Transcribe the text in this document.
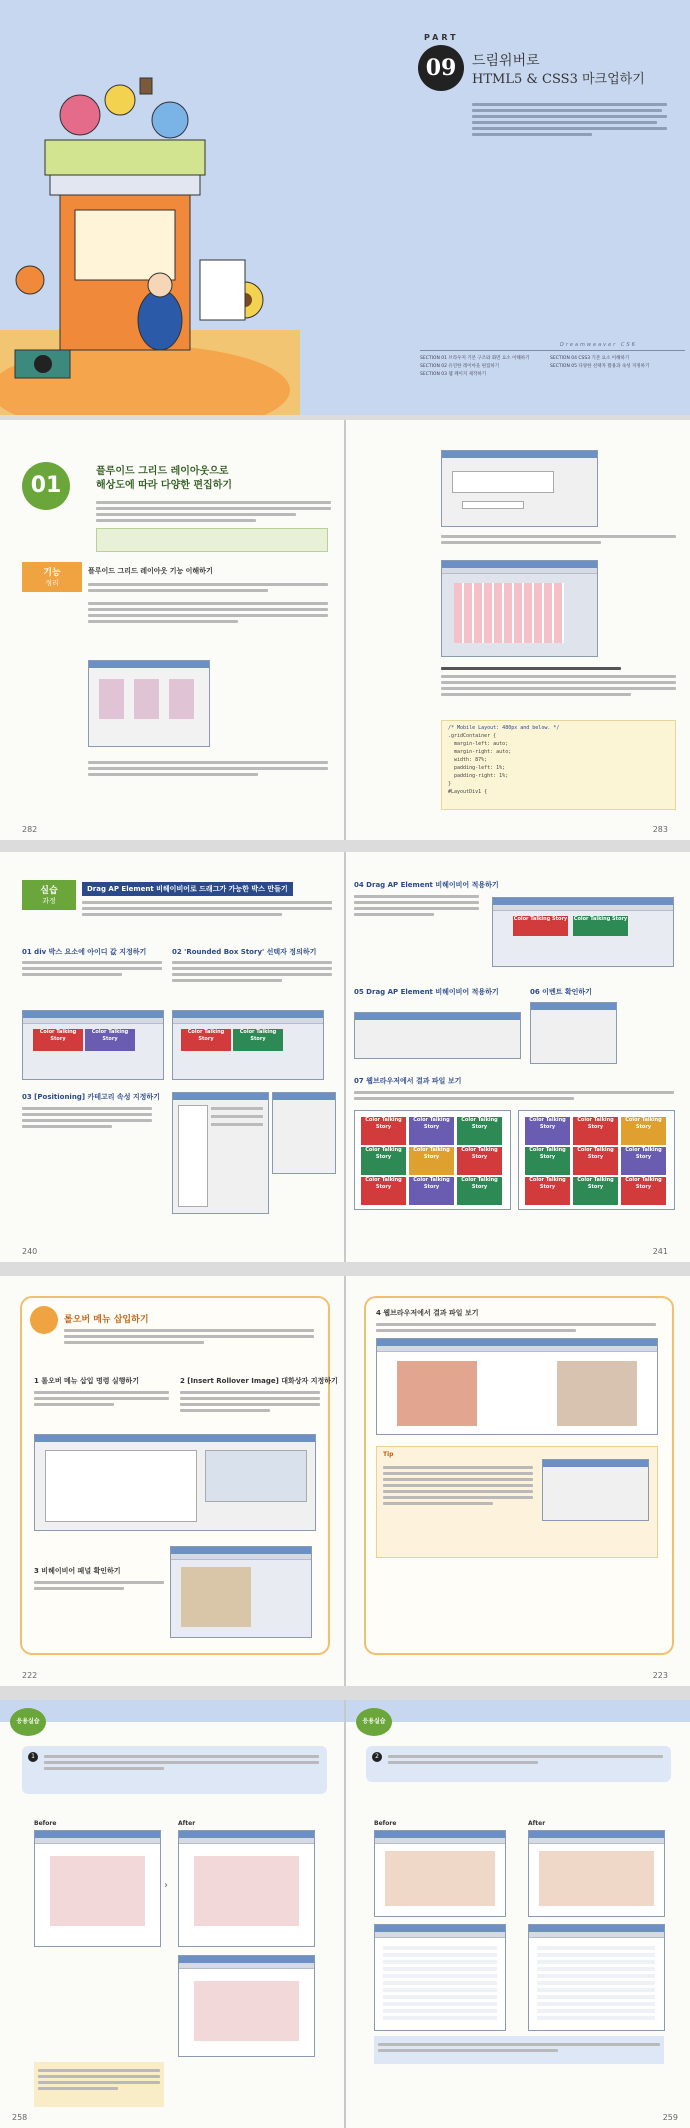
PART
09	드림위버로
HTML5 & CSS3 마크업하기
Dreamweaver CS6
SECTION 01 브라우저 기본 구조와 화면 요소 이해하기	SECTION 04 CSS3 기본 요소 이해하기
SECTION 02 유연한 레이아웃 편집하기	SECTION 05 다양한 선택자 활용과 속성 지정하기
SECTION 03 웹 페이지 제작하기
01
플루이드 그리드 레이아웃으로
해상도에 따라 다양한 편집하기
기능
정리
플루이드 그리드 레이아웃 기능 이해하기
282
/* Mobile Layout: 480px and below. */
.gridContainer {
margin-left: auto;
margin-right: auto;
width: 87%;
padding-left: 1%;
padding-right: 1%;
}
#LayoutDiv1 {
283
실습
과정
Drag AP Element 비헤이비어로 드래그가 가능한 박스 만들기
01 div 박스 요소에 아이디 값 지정하기	02 'Rounded Box Story' 선택자 정의하기
Color Talking Story
Color Talking Story
Color Talking Story
Color Talking Story
03 [Positioning] 카테고리 속성 지정하기
240
04 Drag AP Element 비헤이비어 적용하기
Color Talking Story Color Talking Story
05 Drag AP Element 비헤이비어 적용하기	06 이벤트 확인하기
07 웹브라우저에서 결과 파일 보기
Color Talking Story
Color Talking Story
Color Talking Story
Color Talking Story
Color Talking Story
Color Talking Story
Color Talking Story
Color Talking Story
Color Talking Story
Color Talking Story
Color Talking Story
Color Talking Story
Color Talking Story
Color Talking Story
Color Talking Story
Color Talking Story
Color Talking Story
Color Talking Story
241
롤오버 메뉴 삽입하기
1 롤오버 메뉴 삽입 명령 실행하기	2 [Insert Rollover Image] 대화상자 지정하기
3 비헤이비어 패널 확인하기
222
4 웹브라우저에서 결과 파일 보기
Tip
223
응용실습
1
Before	After
›
258
응용실습
2
Before	After
259
